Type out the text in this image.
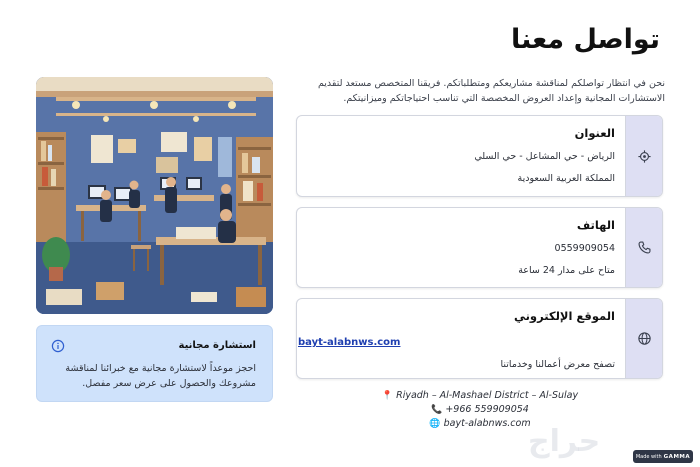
تواصل معنا

نحن في انتظار تواصلكم لمناقشة مشاريعكم ومتطلباتكم. فريقنا المتخصص مستعد لتقديم الاستشارات المجانية وإعداد العروض المخصصة التي تناسب احتياجاتكم وميزانيتكم.

استشارة مجانية

احجز موعداً لاستشارة مجانية مع خبرائنا لمناقشة مشروعك والحصول على عرض سعر مفصل.

العنوان
الرياض - حي المشاعل - حي السلي
المملكة العربية السعودية
الهاتف
0559909054
متاح على مدار 24 ساعة
الموقع الإلكتروني
bayt-alabnws.com
تصفح معرض أعمالنا وخدماتنا
📍 Riyadh – Al-Mashael District – Al-Sulay
📞 +966 559909054
🌐 bayt-alabnws.com
حراج	Made with GAMMA
